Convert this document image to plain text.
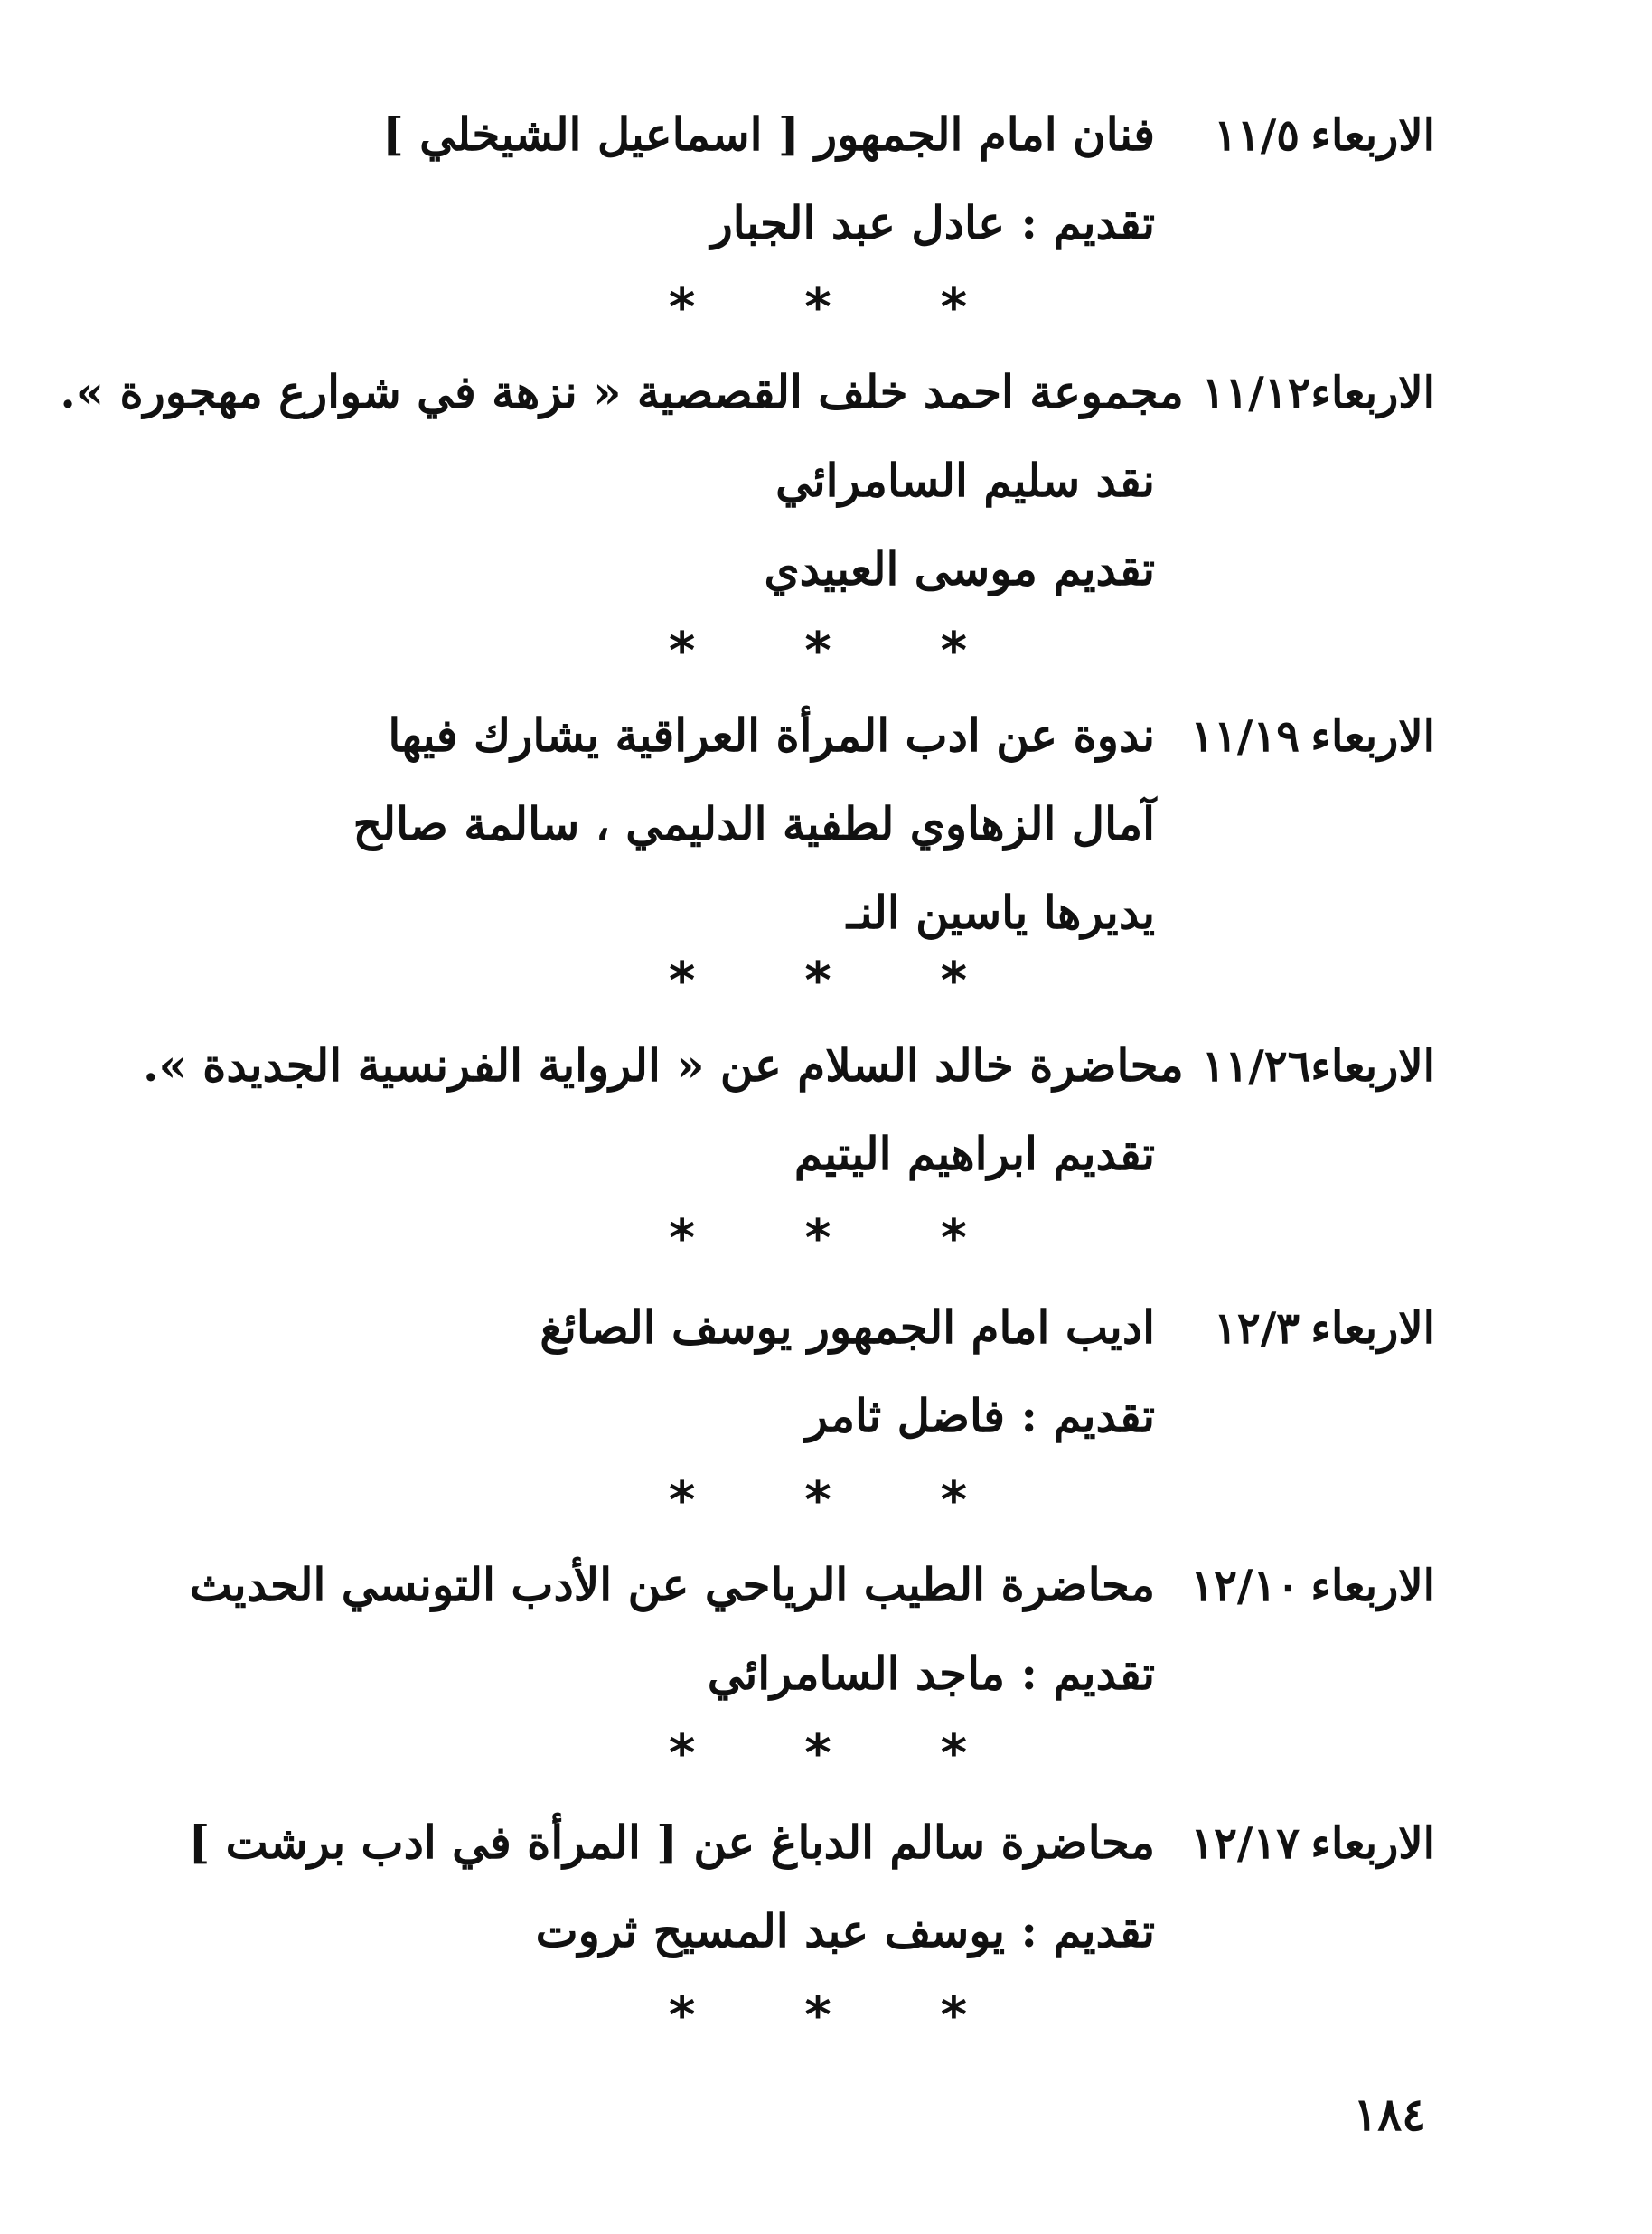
الاربعاء
١١/٥
فنان امام الجمهور [ اسماعيل الشيخلي ]
تقديم : عادل عبد الجبار
* * *
الاربعاء
١١/١٢
مجموعة احمد خلف القصصية « نزهة في شوارع مهجورة ».
نقد سليم السامرائي
تقديم موسى العبيدي
* * *
الاربعاء
١١/١٩
ندوة عن ادب المرأة العراقية يشارك فيها
آمال الزهاوي لطفية الدليمي ، سالمة صالح
يديرها ياسين النـ
* * *
الاربعاء
١١/٢٦
محاضرة خالد السلام عن « الرواية الفرنسية الجديدة ».
تقديم ابراهيم اليتيم
* * *
الاربعاء
١٢/٣
اديب امام الجمهور يوسف الصائغ
تقديم : فاضل ثامر
* * *
الاربعاء
١٢/١٠
محاضرة الطيب الرياحي عن الأدب التونسي الحديث
تقديم : ماجد السامرائي
* * *
الاربعاء
١٢/١٧
محاضرة سالم الدباغ عن [ المرأة في ادب برشت ]
تقديم : يوسف عبد المسيح ثروت
* * *
١٨٤
